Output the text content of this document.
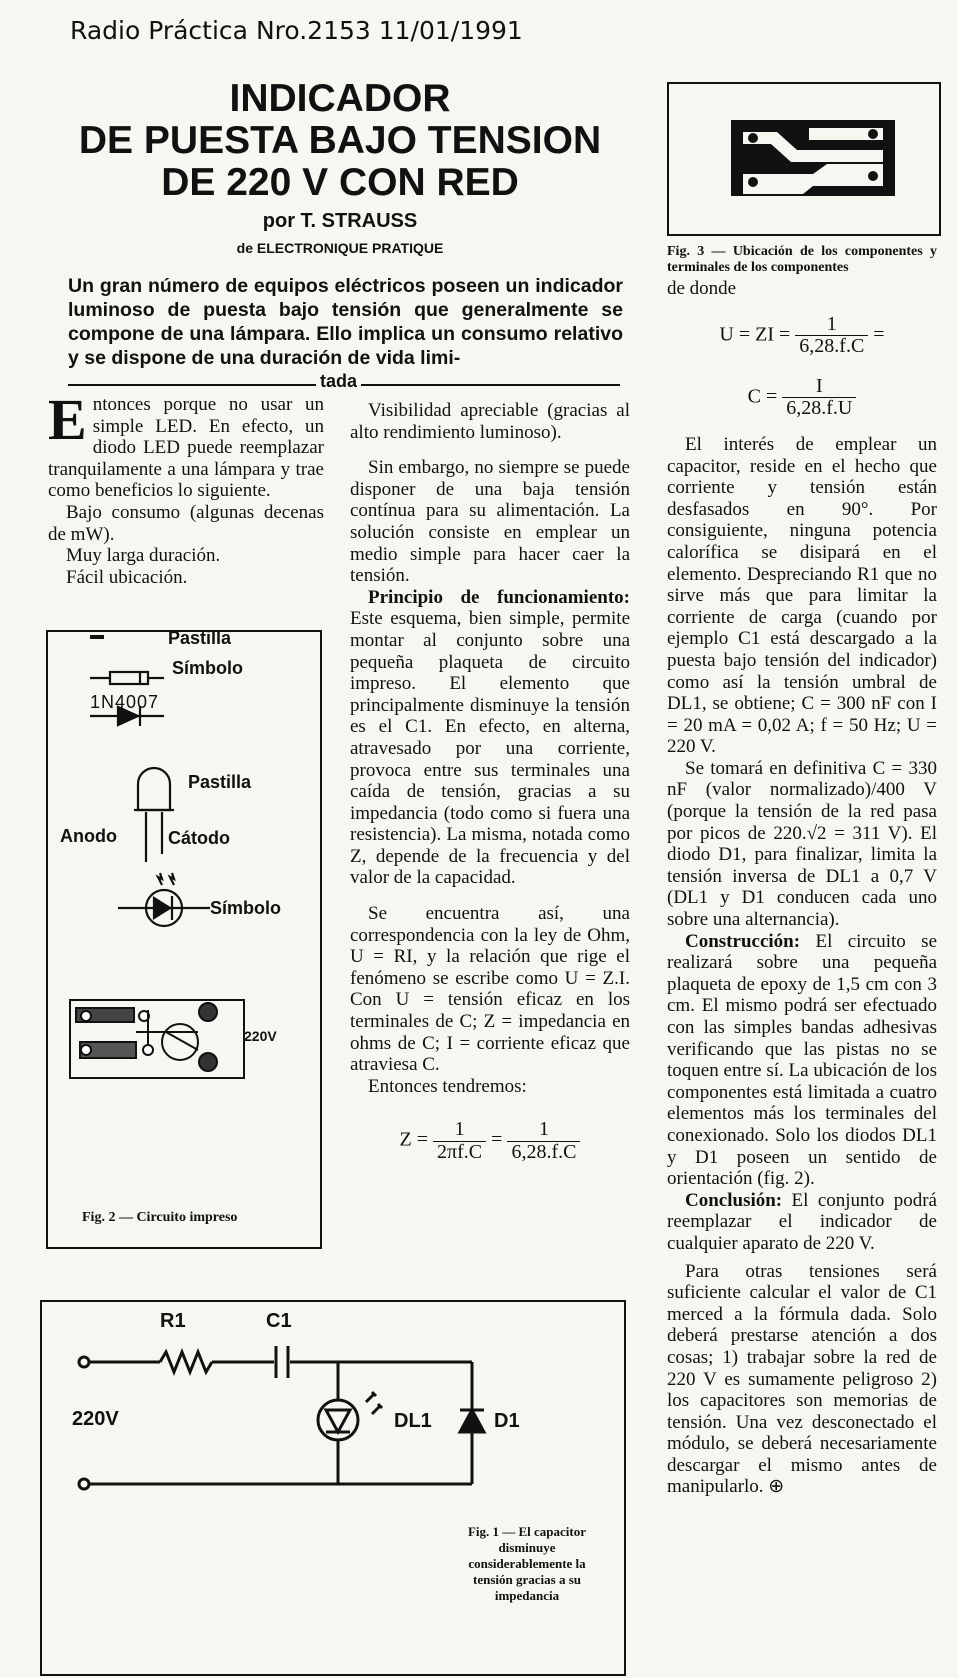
Radio Práctica Nro.2153 11/01/1991
INDICADOR
DE PUESTA BAJO TENSION
DE 220 V CON RED
por T. STRAUSS
de ELECTRONIQUE PRATIQUE
Un gran número de equipos eléctricos poseen un indicador luminoso de puesta bajo tensión que generalmente se compone de una lámpara. Ello implica un consumo relativo y se dispone de una duración de vida limi-
tada

Entonces porque no usar un simple LED. En efecto, un diodo LED puede reemplazar tranquilamente a una lámpara y trae como beneficios lo siguiente.

Bajo consumo (algunas decenas de mW).

Muy larga duración.

Fácil ubicación.

Pastilla
Símbolo
1N4007
Pastilla
Anodo	Cátodo
Símbolo
220V
Fig. 2 — Circuito impreso

Visibilidad apreciable (gracias al alto rendimiento luminoso).

Sin embargo, no siempre se puede disponer de una baja tensión contínua para su alimentación. La solución consiste en emplear un medio simple para hacer caer la tensión.

Principio de funcionamiento: Este esquema, bien simple, permite montar al conjunto sobre una pequeña plaqueta de circuito impreso. El elemento que principalmente disminuye la tensión es el C1. En efecto, en alterna, atravesado por una corriente, provoca entre sus terminales una caída de tensión, gracias a su impedancia (todo como si fuera una resistencia). La misma, notada como Z, depende de la frecuencia y del valor de la capacidad.

Se encuentra así, una correspondencia con la ley de Ohm, U = RI, y la relación que rige el fenómeno se escribe como U = Z.I. Con U = tensión eficaz en los terminales de C; Z = impedancia en ohms de C; I = corriente eficaz que atraviesa C.

Entonces tendremos:

$Z = \frac{1}{2\pi f.C} = \frac{1}{6,28.f.C}$
Fig. 3 — Ubicación de los componentes y terminales de los componentes

de donde

U = ZI = $\frac{1}{6,28.f.C}$ =
$C = \frac{I}{6,28.f.U}$

El interés de emplear un capacitor, reside en el hecho que corriente y tensión están desfasados en 90°. Por consiguiente, ninguna potencia calorífica se disipará en el elemento. Despreciando R1 que no sirve más que para limitar la corriente de carga (cuando por ejemplo C1 está descargado a la puesta bajo tensión del indicador) como así la tensión umbral de DL1, se obtiene; C = 300 nF con I = 20 mA = 0,02 A; f = 50 Hz; U = 220 V.

Se tomará en definitiva C = 330 nF (valor normalizado)/400 V (porque la tensión de la red pasa por picos de 220.√2 = 311 V). El diodo D1, para finalizar, limita la tensión inversa de DL1 a 0,7 V (DL1 y D1 conducen cada uno sobre una alternancia).

Construcción: El circuito se realizará sobre una pequeña plaqueta de epoxy de 1,5 cm con 3 cm. El mismo podrá ser efectuado con las simples bandas adhesivas verificando que las pistas no se toquen entre sí. La ubicación de los componentes está limitada a cuatro elementos más los terminales del conexionado. Solo los diodos DL1 y D1 poseen un sentido de orientación (fig. 2).

Conclusión: El conjunto podrá reemplazar el indicador de cualquier aparato de 220 V.

Para otras tensiones será suficiente calcular el valor de C1 merced a la fórmula dada. Solo deberá prestarse atención a dos cosas; 1) trabajar sobre la red de 220 V es sumamente peligroso 2) los capacitores son memorias de tensión. Una vez desconectado el módulo, se deberá necesariamente descargar el mismo antes de manipularlo. ⊕

R1	C1
220V	DL1	D1
Fig. 1 — El capacitor disminuye considerablemente la tensión gracias a su impedancia
